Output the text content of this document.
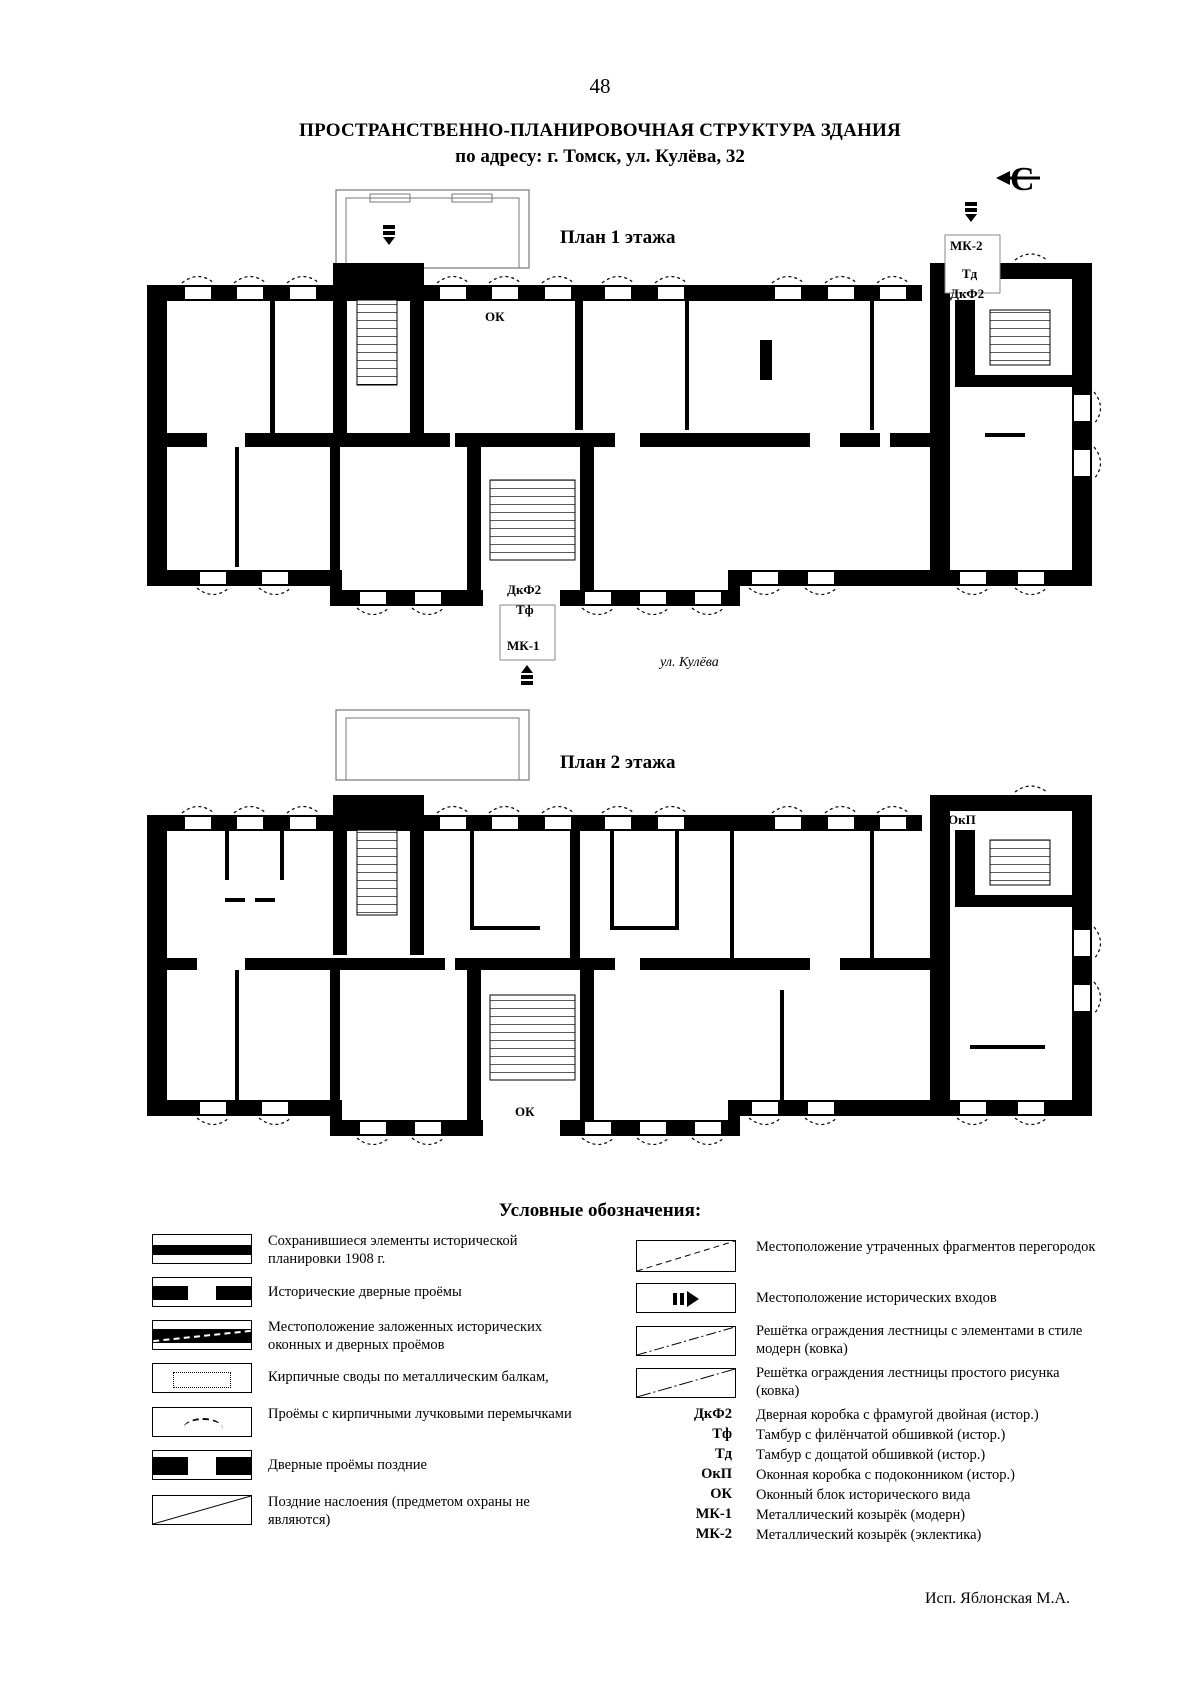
48
ПРОСТРАНСТВЕННО-ПЛАНИРОВОЧНАЯ СТРУКТУРА ЗДАНИЯ
по адресу: г. Томск, ул. Кулёва, 32
С
План 1 этажа
ОК
МК-2
Тд
ДкФ2
ДкФ2
Тф
МК-1
ул. Кулёва
План 2 этажа
ОкП
ОК
Условные обозначения:
Сохранившиеся элементы исторической планировки 1908 г.
Исторические дверные проёмы
Местоположение заложенных исторических оконных и дверных проёмов
Кирпичные своды по металлическим балкам,
Проёмы с кирпичными лучковыми перемычками
Дверные проёмы поздние
Поздние наслоения (предметом охраны не являются)
Местоположение утраченных фрагментов перегородок
Местоположение исторических входов
Решётка ограждения лестницы с элементами в стиле модерн (ковка)
Решётка ограждения лестницы простого рисунка (ковка)
ДкФ2 Дверная коробка с фрамугой двойная (истор.)
Тф Тамбур с филёнчатой обшивкой (истор.)
Тд Тамбур с дощатой обшивкой (истор.)
ОкП Оконная коробка с подоконником (истор.)
ОК Оконный блок исторического вида
МК-1 Металлический козырёк (модерн)
МК-2 Металлический козырёк (эклектика)
Исп. Яблонская М.А.
